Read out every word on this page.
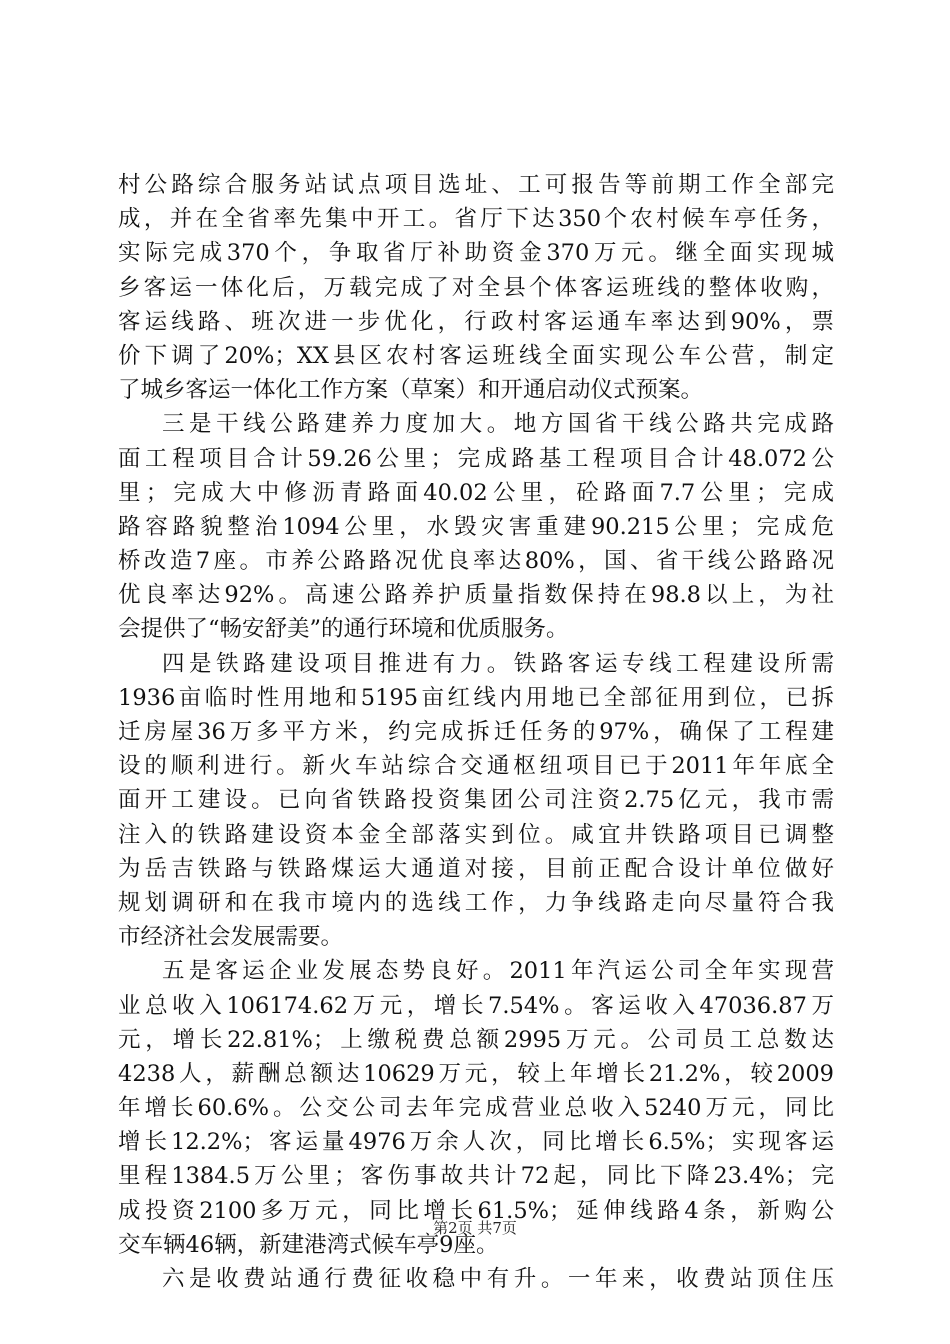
村公路综合服务站试点项目选址、工可报告等前期工作全部完
成，并在全省率先集中开工。省厅下达350个农村候车亭任务，
实际完成370个，争取省厅补助资金370万元。继全面实现城
乡客运一体化后，万载完成了对全县个体客运班线的整体收购，
客运线路、班次进一步优化，行政村客运通车率达到90%，票
价下调了20%；XX县区农村客运班线全面实现公车公营，制定
了城乡客运一体化工作方案（草案）和开通启动仪式预案。
三是干线公路建养力度加大。地方国省干线公路共完成路
面工程项目合计59.26公里；完成路基工程项目合计48.072公
里；完成大中修沥青路面40.02公里，砼路面7.7公里；完成
路容路貌整治1094公里，水毁灾害重建90.215公里；完成危
桥改造7座。市养公路路况优良率达80%，国、省干线公路路况
优良率达92%。高速公路养护质量指数保持在98.8以上，为社
会提供了“畅安舒美”的通行环境和优质服务。
四是铁路建设项目推进有力。铁路客运专线工程建设所需
1936亩临时性用地和5195亩红线内用地已全部征用到位，已拆
迁房屋36万多平方米，约完成拆迁任务的97%，确保了工程建
设的顺利进行。新火车站综合交通枢纽项目已于2011年年底全
面开工建设。已向省铁路投资集团公司注资2.75亿元，我市需
注入的铁路建设资本金全部落实到位。咸宜井铁路项目已调整
为岳吉铁路与铁路煤运大通道对接，目前正配合设计单位做好
规划调研和在我市境内的选线工作，力争线路走向尽量符合我
市经济社会发展需要。
五是客运企业发展态势良好。2011年汽运公司全年实现营
业总收入106174.62万元，增长7.54%。客运收入47036.87万
元，增长22.81%；上缴税费总额2995万元。公司员工总数达
4238人，薪酬总额达10629万元，较上年增长21.2%，较2009
年增长60.6%。公交公司去年完成营业总收入5240万元，同比
增长12.2%；客运量4976万余人次，同比增长6.5%；实现客运
里程1384.5万公里；客伤事故共计72起，同比下降23.4%；完
成投资2100多万元，同比增长61.5%；延伸线路4条，新购公
交车辆46辆，新建港湾式候车亭9座。
六是收费站通行费征收稳中有升。一年来，收费站顶住压
第2页 共7页
